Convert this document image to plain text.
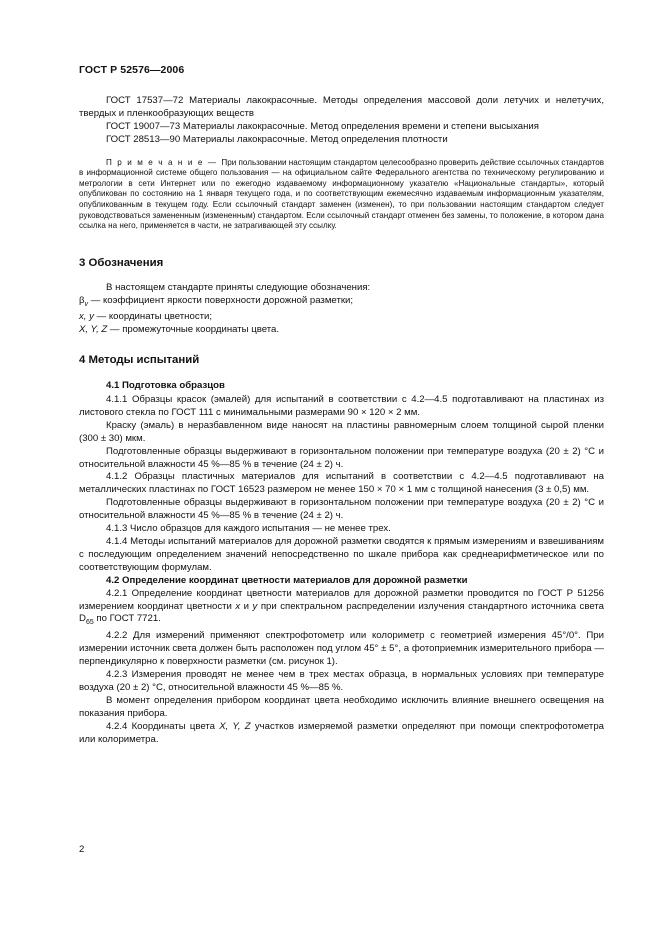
ГОСТ Р 52576—2006

ГОСТ 17537—72 Материалы лакокрасочные. Методы определения массовой доли летучих и нелетучих, твердых и пленкообразующих веществ

ГОСТ 19007—73 Материалы лакокрасочные. Метод определения времени и степени высыхания

ГОСТ 28513—90 Материалы лакокрасочные. Метод определения плотности

П р и м е ч а н и е — При пользовании настоящим стандартом целесообразно проверить действие ссылочных стандартов в информационной системе общего пользования — на официальном сайте Федерального агентства по техническому регулированию и метрологии в сети Интернет или по ежегодно издаваемому информационному указателю «Национальные стандарты», который опубликован по состоянию на 1 января текущего года, и по соответствующим ежемесячно издаваемым информационным указателям, опубликованным в текущем году. Если ссылочный стандарт заменен (изменен), то при пользовании настоящим стандартом следует руководствоваться замененным (измененным) стандартом. Если ссылочный стандарт отменен без замены, то положение, в котором дана ссылка на него, применяется в части, не затрагивающей эту ссылку.

3 Обозначения

В настоящем стандарте приняты следующие обозначения:

$\beta_v$ — коэффициент яркости поверхности дорожной разметки;

x, y — координаты цветности;

X, Y, Z — промежуточные координаты цвета.

4 Методы испытаний

4.1 Подготовка образцов

4.1.1 Образцы красок (эмалей) для испытаний в соответствии с 4.2—4.5 подготавливают на пластинах из листового стекла по ГОСТ 111 с минимальными размерами 90 × 120 × 2 мм.

Краску (эмаль) в неразбавленном виде наносят на пластины равномерным слоем толщиной сырой пленки (300 ± 30) мкм.

Подготовленные образцы выдерживают в горизонтальном положении при температуре воздуха (20 ± 2) °С и относительной влажности 45 %—85 % в течение (24 ± 2) ч.

4.1.2 Образцы пластичных материалов для испытаний в соответствии с 4.2—4.5 подготавливают на металлических пластинах по ГОСТ 16523 размером не менее 150 × 70 × 1 мм с толщиной нанесения (3 ± 0,5) мм.

Подготовленные образцы выдерживают в горизонтальном положении при температуре воздуха (20 ± 2) °С и относительной влажности 45 %—85 % в течение (24 ± 2) ч.

4.1.3 Число образцов для каждого испытания — не менее трех.

4.1.4 Методы испытаний материалов для дорожной разметки сводятся к прямым измерениям и взвешиваниям с последующим определением значений непосредственно по шкале прибора как среднеарифметическое или по соответствующим формулам.

4.2 Определение координат цветности материалов для дорожной разметки

4.2.1 Определение координат цветности материалов для дорожной разметки проводится по ГОСТ Р 51256 измерением координат цветности x и y при спектральном распределении излучения стандартного источника света $D_{65}$ по ГОСТ 7721.

4.2.2 Для измерений применяют спектрофотометр или колориметр с геометрией измерения 45°/0°. При измерении источник света должен быть расположен под углом 45° ± 5°, а фотоприемник измерительного прибора — перпендикулярно к поверхности разметки (см. рисунок 1).

4.2.3 Измерения проводят не менее чем в трех местах образца, в нормальных условиях при температуре воздуха (20 ± 2) °С, относительной влажности 45 %—85 %.

В момент определения прибором координат цвета необходимо исключить влияние внешнего освещения на показания прибора.

4.2.4 Координаты цвета X, Y, Z участков измеряемой разметки определяют при помощи спектрофотометра или колориметра.

2
